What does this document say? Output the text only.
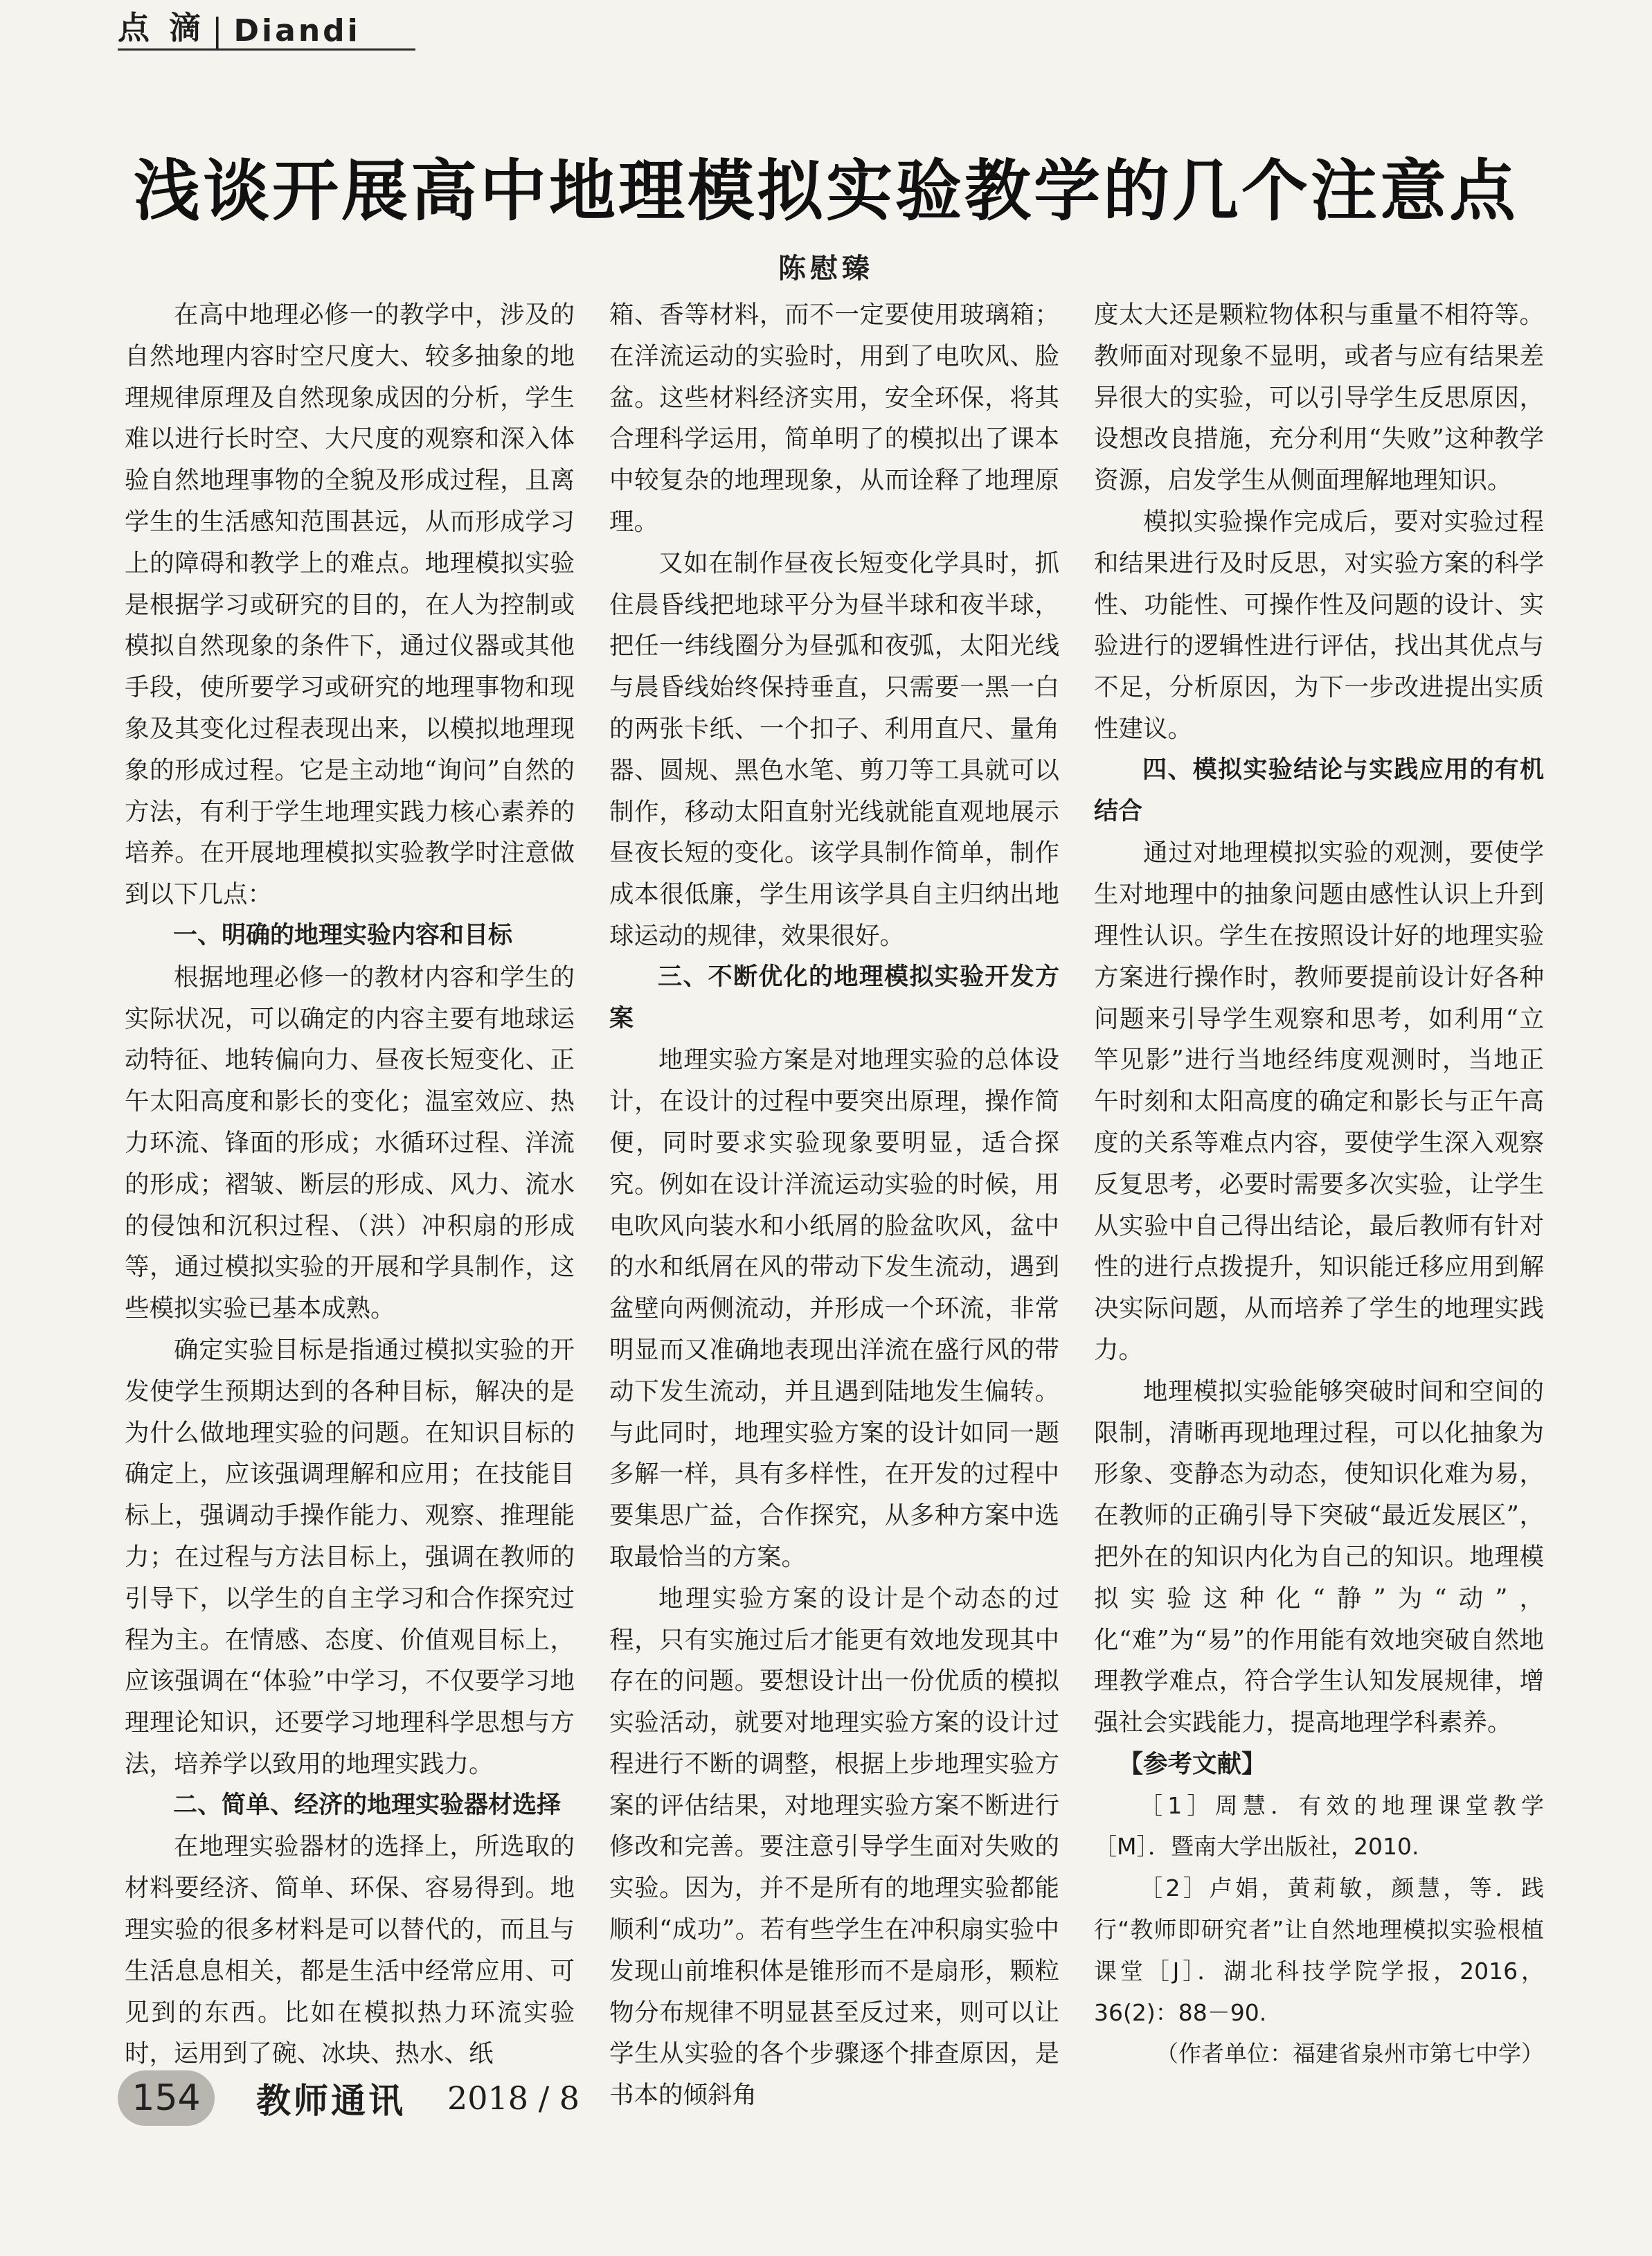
点 滴 | Diandi
浅谈开展高中地理模拟实验教学的几个注意点
陈慰臻

在高中地理必修一的教学中，涉及的自然地理内容时空尺度大、较多抽象的地理规律原理及自然现象成因的分析，学生难以进行长时空、大尺度的观察和深入体验自然地理事物的全貌及形成过程，且离学生的生活感知范围甚远，从而形成学习上的障碍和教学上的难点。地理模拟实验是根据学习或研究的目的，在人为控制或模拟自然现象的条件下，通过仪器或其他手段，使所要学习或研究的地理事物和现象及其变化过程表现出来，以模拟地理现象的形成过程。它是主动地“询问”自然的方法，有利于学生地理实践力核心素养的培养。在开展地理模拟实验教学时注意做到以下几点：

一、明确的地理实验内容和目标

根据地理必修一的教材内容和学生的实际状况，可以确定的内容主要有地球运动特征、地转偏向力、昼夜长短变化、正午太阳高度和影长的变化；温室效应、热力环流、锋面的形成；水循环过程、洋流的形成；褶皱、断层的形成、风力、流水的侵蚀和沉积过程、（洪）冲积扇的形成等，通过模拟实验的开展和学具制作，这些模拟实验已基本成熟。

确定实验目标是指通过模拟实验的开发使学生预期达到的各种目标，解决的是为什么做地理实验的问题。在知识目标的确定上，应该强调理解和应用；在技能目标上，强调动手操作能力、观察、推理能力；在过程与方法目标上，强调在教师的引导下，以学生的自主学习和合作探究过程为主。在情感、态度、价值观目标上，应该强调在“体验”中学习，不仅要学习地理理论知识，还要学习地理科学思想与方法，培养学以致用的地理实践力。

二、简单、经济的地理实验器材选择

在地理实验器材的选择上，所选取的材料要经济、简单、环保、容易得到。地理实验的很多材料是可以替代的，而且与生活息息相关，都是生活中经常应用、可见到的东西。比如在模拟热力环流实验时，运用到了碗、冰块、热水、纸

箱、香等材料，而不一定要使用玻璃箱；在洋流运动的实验时，用到了电吹风、脸盆。这些材料经济实用，安全环保，将其合理科学运用，简单明了的模拟出了课本中较复杂的地理现象，从而诠释了地理原理。

又如在制作昼夜长短变化学具时，抓住晨昏线把地球平分为昼半球和夜半球，把任一纬线圈分为昼弧和夜弧，太阳光线与晨昏线始终保持垂直，只需要一黑一白的两张卡纸、一个扣子、利用直尺、量角器、圆规、黑色水笔、剪刀等工具就可以制作，移动太阳直射光线就能直观地展示昼夜长短的变化。该学具制作简单，制作成本很低廉，学生用该学具自主归纳出地球运动的规律，效果很好。

三、不断优化的地理模拟实验开发方案

地理实验方案是对地理实验的总体设计，在设计的过程中要突出原理，操作简便，同时要求实验现象要明显，适合探究。例如在设计洋流运动实验的时候，用电吹风向装水和小纸屑的脸盆吹风，盆中的水和纸屑在风的带动下发生流动，遇到盆壁向两侧流动，并形成一个环流，非常明显而又准确地表现出洋流在盛行风的带动下发生流动，并且遇到陆地发生偏转。与此同时，地理实验方案的设计如同一题多解一样，具有多样性，在开发的过程中要集思广益，合作探究，从多种方案中选取最恰当的方案。

地理实验方案的设计是个动态的过程，只有实施过后才能更有效地发现其中存在的问题。要想设计出一份优质的模拟实验活动，就要对地理实验方案的设计过程进行不断的调整，根据上步地理实验方案的评估结果，对地理实验方案不断进行修改和完善。要注意引导学生面对失败的实验。因为，并不是所有的地理实验都能顺利“成功”。若有些学生在冲积扇实验中发现山前堆积体是锥形而不是扇形，颗粒物分布规律不明显甚至反过来，则可以让学生从实验的各个步骤逐个排查原因，是书本的倾斜角

度太大还是颗粒物体积与重量不相符等。教师面对现象不显明，或者与应有结果差异很大的实验，可以引导学生反思原因，设想改良措施，充分利用“失败”这种教学资源，启发学生从侧面理解地理知识。

模拟实验操作完成后，要对实验过程和结果进行及时反思，对实验方案的科学性、功能性、可操作性及问题的设计、实验进行的逻辑性进行评估，找出其优点与不足，分析原因，为下一步改进提出实质性建议。

四、模拟实验结论与实践应用的有机结合

通过对地理模拟实验的观测，要使学生对地理中的抽象问题由感性认识上升到理性认识。学生在按照设计好的地理实验方案进行操作时，教师要提前设计好各种问题来引导学生观察和思考，如利用“立竿见影”进行当地经纬度观测时，当地正午时刻和太阳高度的确定和影长与正午高度的关系等难点内容，要使学生深入观察反复思考，必要时需要多次实验，让学生从实验中自己得出结论，最后教师有针对性的进行点拨提升，知识能迁移应用到解决实际问题，从而培养了学生的地理实践力。

地理模拟实验能够突破时间和空间的限制，清晰再现地理过程，可以化抽象为形象、变静态为动态，使知识化难为易，在教师的正确引导下突破“最近发展区”，把外在的知识内化为自己的知识。地理模拟实验这种化“静”为“动”，化“难”为“易”的作用能有效地突破自然地理教学难点，符合学生认知发展规律，增强社会实践能力，提高地理学科素养。

【参考文献】

［1］周慧．有效的地理课堂教学［M］．暨南大学出版社，2010.

［2］卢娟，黄莉敏，颜慧，等．践行“教师即研究者”让自然地理模拟实验根植课堂［J］．湖北科技学院学报，2016，36(2)：88－90.

（作者单位：福建省泉州市第七中学）

154	教师通讯 2018 / 8
